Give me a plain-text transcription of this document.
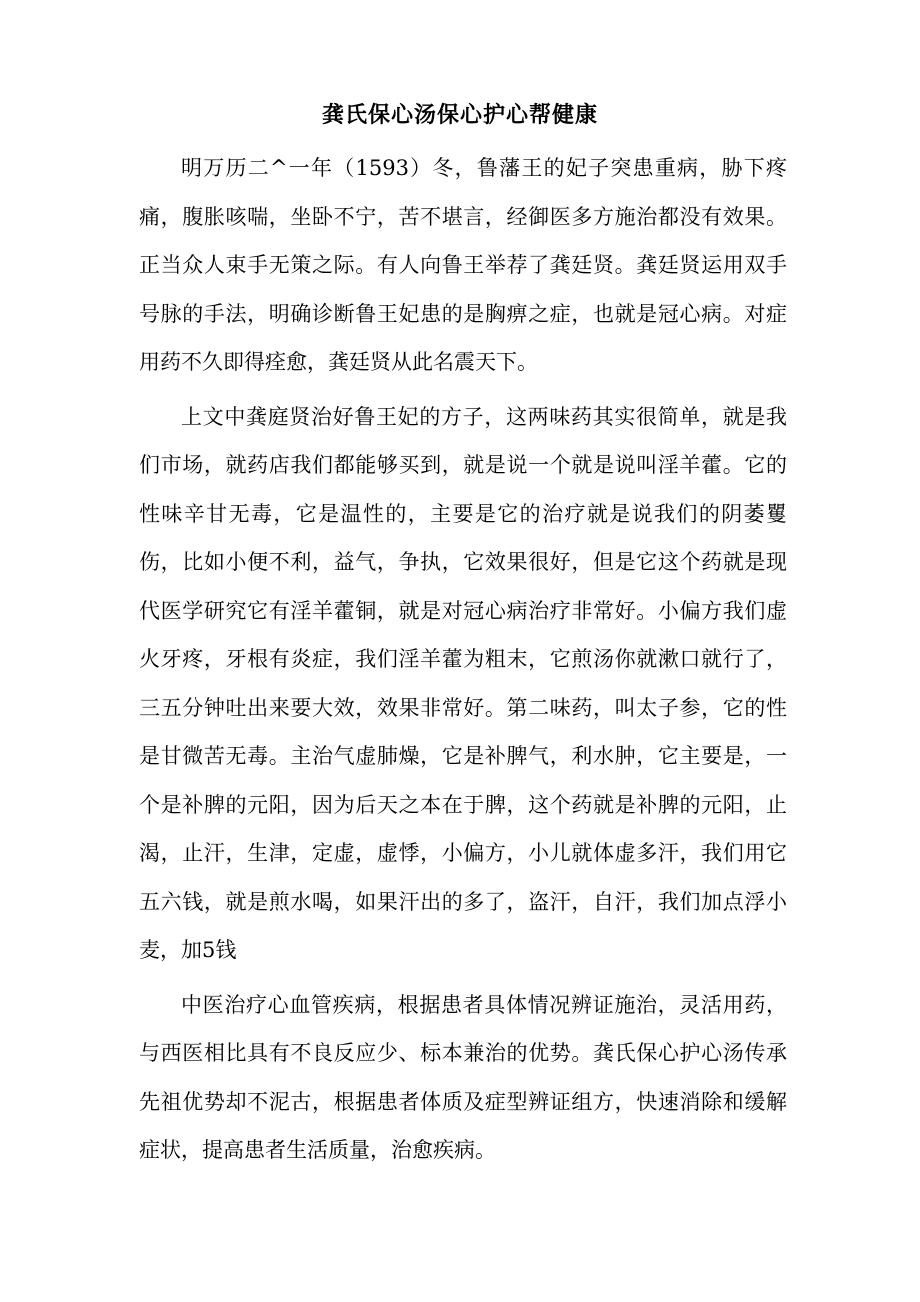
龚氏保心汤保心护心帮健康

明万历二^一年（1593）冬，鲁藩王的妃子突患重病，胁下疼痛，腹胀咳喘，坐卧不宁，苦不堪言，经御医多方施治都没有效果。正当众人束手无策之际。有人向鲁王举荐了龚廷贤。龚廷贤运用双手号脉的手法，明确诊断鲁王妃患的是胸痹之症，也就是冠心病。对症用药不久即得痊愈，龚廷贤从此名震天下。

上文中龚庭贤治好鲁王妃的方子，这两味药其实很简单，就是我们市场，就药店我们都能够买到，就是说一个就是说叫淫羊藿。它的性味辛甘无毒，它是温性的，主要是它的治疗就是说我们的阴萎矍伤，比如小便不利，益气，争执，它效果很好，但是它这个药就是现代医学研究它有淫羊藿铜，就是对冠心病治疗非常好。小偏方我们虚火牙疼，牙根有炎症，我们淫羊藿为粗末，它煎汤你就漱口就行了，三五分钟吐出来要大效，效果非常好。第二味药，叫太子参，它的性是甘微苦无毒。主治气虚肺燥，它是补脾气，利水肿，它主要是，一个是补脾的元阳，因为后天之本在于脾，这个药就是补脾的元阳，止渴，止汗，生津，定虚，虚悸，小偏方，小儿就体虚多汗，我们用它五六钱，就是煎水喝，如果汗出的多了，盗汗，自汗，我们加点浮小麦，加5钱

中医治疗心血管疾病，根据患者具体情况辨证施治，灵活用药，与西医相比具有不良反应少、标本兼治的优势。龚氏保心护心汤传承先祖优势却不泥古，根据患者体质及症型辨证组方，快速消除和缓解症状，提高患者生活质量，治愈疾病。
